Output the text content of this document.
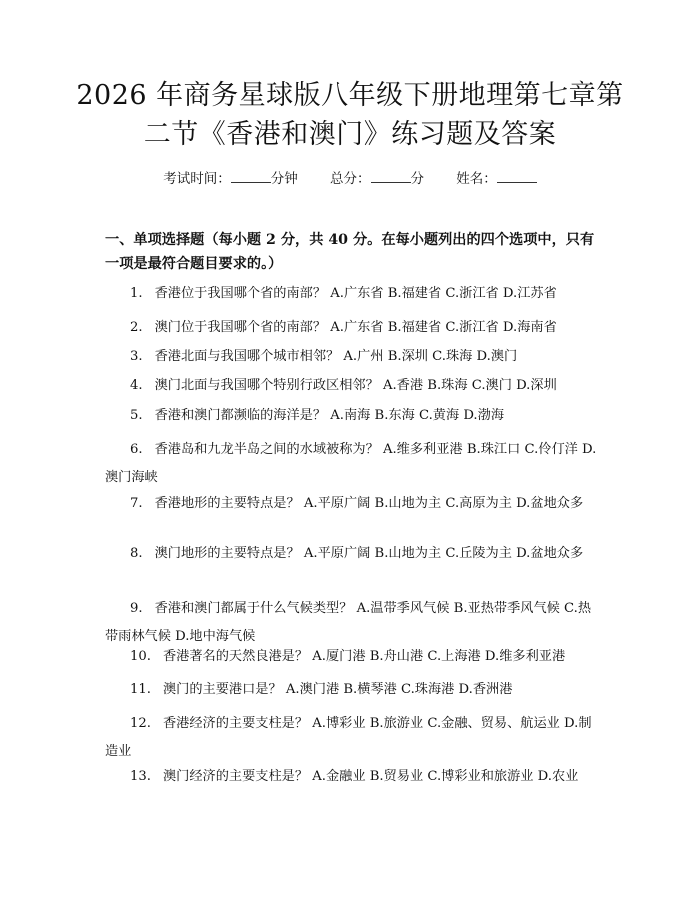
2026 年商务星球版八年级下册地理第七章第
二节《香港和澳门》练习题及答案
考试时间：	分钟 总分：	分 姓名：
一、单项选择题（每小题 2 分，共 40 分。在每小题列出的四个选项中，只有一项是最符合题目要求的。）
1. 香港位于我国哪个省的南部？ A.广东省 B.福建省 C.浙江省 D.江苏省
2. 澳门位于我国哪个省的南部？ A.广东省 B.福建省 C.浙江省 D.海南省
3. 香港北面与我国哪个城市相邻？ A.广州 B.深圳 C.珠海 D.澳门
4. 澳门北面与我国哪个特别行政区相邻？ A.香港 B.珠海 C.澳门 D.深圳
5. 香港和澳门都濒临的海洋是？ A.南海 B.东海 C.黄海 D.渤海
6. 香港岛和九龙半岛之间的水域被称为？ A.维多利亚港 B.珠江口 C.伶仃洋 D.澳门海峡
7. 香港地形的主要特点是？ A.平原广阔 B.山地为主 C.高原为主 D.盆地众多
8. 澳门地形的主要特点是？ A.平原广阔 B.山地为主 C.丘陵为主 D.盆地众多
9. 香港和澳门都属于什么气候类型？ A.温带季风气候 B.亚热带季风气候 C.热带雨林气候 D.地中海气候
10. 香港著名的天然良港是？ A.厦门港 B.舟山港 C.上海港 D.维多利亚港
11. 澳门的主要港口是？ A.澳门港 B.横琴港 C.珠海港 D.香洲港
12. 香港经济的主要支柱是？ A.博彩业 B.旅游业 C.金融、贸易、航运业 D.制造业
13. 澳门经济的主要支柱是？ A.金融业 B.贸易业 C.博彩业和旅游业 D.农业
